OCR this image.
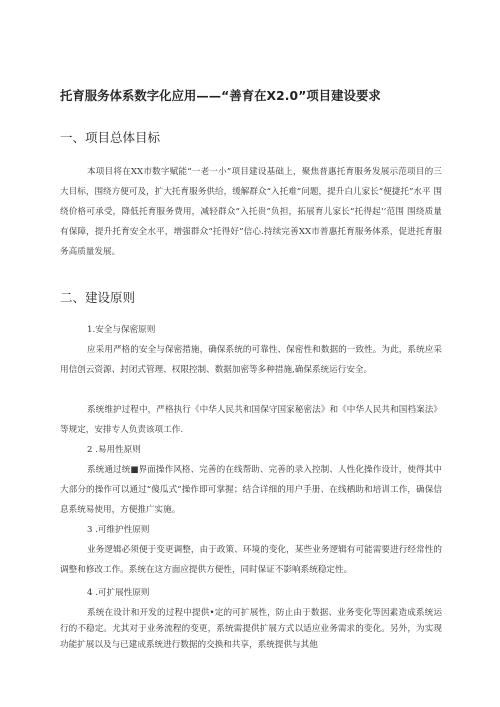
托育服务体系数字化应用——“善育在X2.0”项目建设要求
一、项目总体目标
本项目将在XX市数字赋能“一老一小”项目建设基础上，聚焦普惠托育服务发展示范项目的三大目标，围绕方便可及，扩大托育服务供给，缓解群众“入托难”问题，提升白儿家长“便捷托”水平 围绕价格可承受，降低托育服务费用，减轻群众“入托贵”负担，拓展育儿家长“托得起’’范围 围绕质量有保障，提升托育安全水平，增强群众“托得好”信心.持续完善XX市普惠托育服务体系，促进托育服务高质量发展。
二、建设原则
1.安全与保密原则
应采用严格的安全与保密措施，确保系统的可靠性、保密性和数据的一致性。为此，系统应采用信创云资源、封闭式管理、权限控制、数据加密等多种措施,确保系统运行安全。
系统维护过程中，严格执行《中华人民共和国保守国家秘密法》和《中华人民共和国档案法》等规定，安排专人负责该项工作.
2 .易用性原则
系统通过统■界面操作风格、完善的在线帮助、完善的录入控制、人性化操作设计，使得其中大部分的操作可以通过“傻瓜式”操作即可掌握；结合详细的用户手册、在线栖助和培训工作，确保信息系统易使用，方便推广实施。
3 .可维护性原则
业务逻辑必须便于变更调整，由于政策、环境的变化，某些业务逻辑有可能需要进行经常性的调整和修改工作。系统在这方面应提供方便性，同时保证不影响系统稳定性。
4 .可扩展性原则
系统在设计和开发的过程中提供•定的可扩展性，防止由于数据、业务变化等因素造成系统运行的不稳定。尤其对于业务流程的变更，系统需提供扩展方式以适应业务需求的变化。另外，为实现功能扩展以及与已建成系统进行数据的交换和共享，系统提供与其他
